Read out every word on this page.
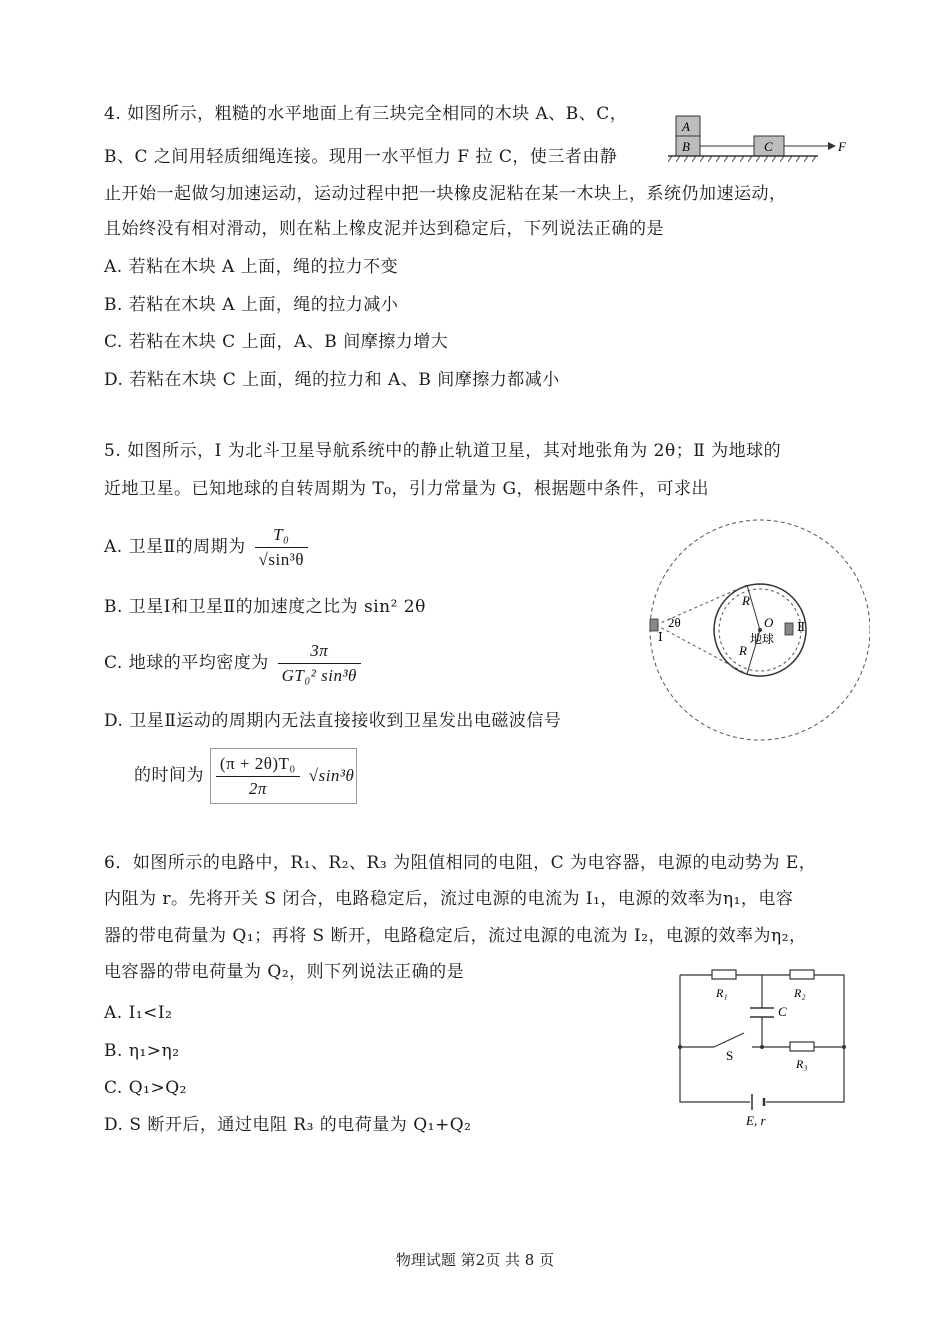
4. 如图所示，粗糙的水平地面上有三块完全相同的木块 A、B、C，
B、C 之间用轻质细绳连接。现用一水平恒力 F 拉 C，使三者由静
止开始一起做匀加速运动，运动过程中把一块橡皮泥粘在某一木块上，系统仍加速运动，
且始终没有相对滑动，则在粘上橡皮泥并达到稳定后，下列说法正确的是
A. 若粘在木块 A 上面，绳的拉力不变
B. 若粘在木块 A 上面，绳的拉力减小
C. 若粘在木块 C 上面，A、B 间摩擦力增大
D. 若粘在木块 C 上面，绳的拉力和 A、B 间摩擦力都减小
A
B	C	F
5. 如图所示，Ⅰ 为北斗卫星导航系统中的静止轨道卫星，其对地张角为 2θ；Ⅱ 为地球的
近地卫星。已知地球的自转周期为 T₀，引力常量为 G，根据题中条件，可求出
A. 卫星Ⅱ的周期为 $\frac{\text{T₀}}{\text{√sin³θ}}$
B. 卫星Ⅰ和卫星Ⅱ的加速度之比为 sin² 2θ
C. 地球的平均密度为 $\frac{3\pi}{\text{GT₀² sin³θ}}$
D. 卫星Ⅱ运动的周期内无法直接接收到卫星发出电磁波信号
的时间为 $\frac{\text{(π + 2θ)T₀}}{2\pi} √\sin^3\theta$
R
R
O
地球
2θ
Ⅰ
Ⅱ
6．如图所示的电路中，R₁、R₂、R₃ 为阻值相同的电阻，C 为电容器，电源的电动势为 E，
内阻为 r。先将开关 S 闭合，电路稳定后，流过电源的电流为 I₁，电源的效率为η₁，电容
器的带电荷量为 Q₁；再将 S 断开，电路稳定后，流过电源的电流为 I₂，电源的效率为η₂，
电容器的带电荷量为 Q₂，则下列说法正确的是
A. I₁<I₂
B. η₁>η₂
C. Q₁>Q₂
D. S 断开后，通过电阻 R₃ 的电荷量为 Q₁+Q₂
R₁	R₂
C
S
R₃
E, r
物理试题 第2页 共 8 页
